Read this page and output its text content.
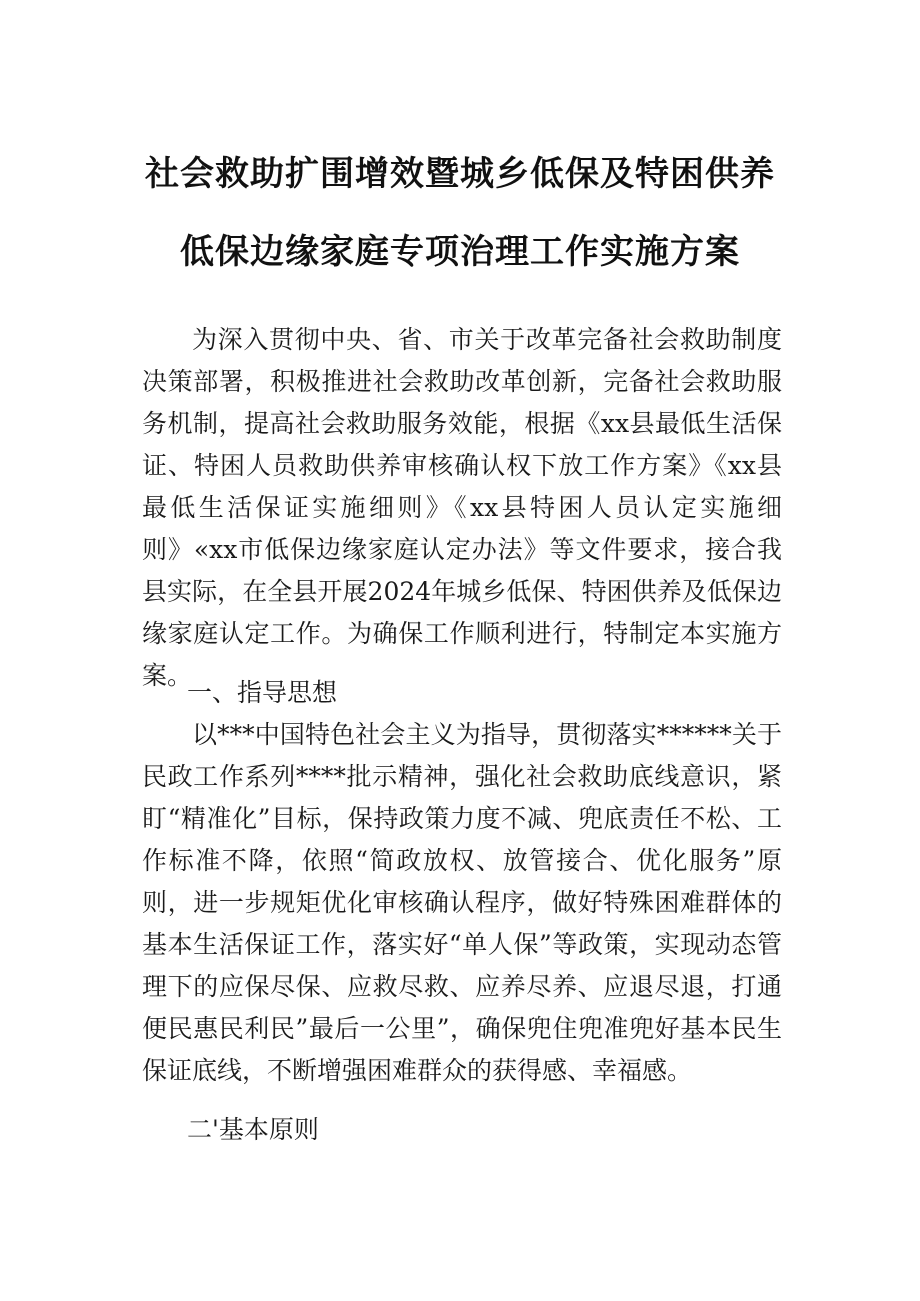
社会救助扩围增效暨城乡低保及特困供养
低保边缘家庭专项治理工作实施方案

为深入贯彻中央、省、市关于改革完备社会救助制度决策部署，积极推进社会救助改革创新，完备社会救助服务机制，提高社会救助服务效能，根据《xx县最低生活保证、特困人员救助供养审核确认权下放工作方案》《xx县最低生活保证实施细则》《xx县特困人员认定实施细则》«xx市低保边缘家庭认定办法》等文件要求，接合我县实际，在全县开展2024年城乡低保、特困供养及低保边缘家庭认定工作。为确保工作顺利进行，特制定本实施方案。

一、指导思想

以***中国特色社会主义为指导，贯彻落实******关于民政工作系列****批示精神，强化社会救助底线意识，紧盯“精准化”目标，保持政策力度不减、兜底责任不松、工作标准不降，依照“简政放权、放管接合、优化服务”原则，进一步规矩优化审核确认程序，做好特殊困难群体的基本生活保证工作，落实好“单人保”等政策，实现动态管理下的应保尽保、应救尽救、应养尽养、应退尽退，打通便民惠民利民”最后一公里”，确保兜住兜准兜好基本民生保证底线，不断增强困难群众的获得感、幸福感。

二'基本原则
